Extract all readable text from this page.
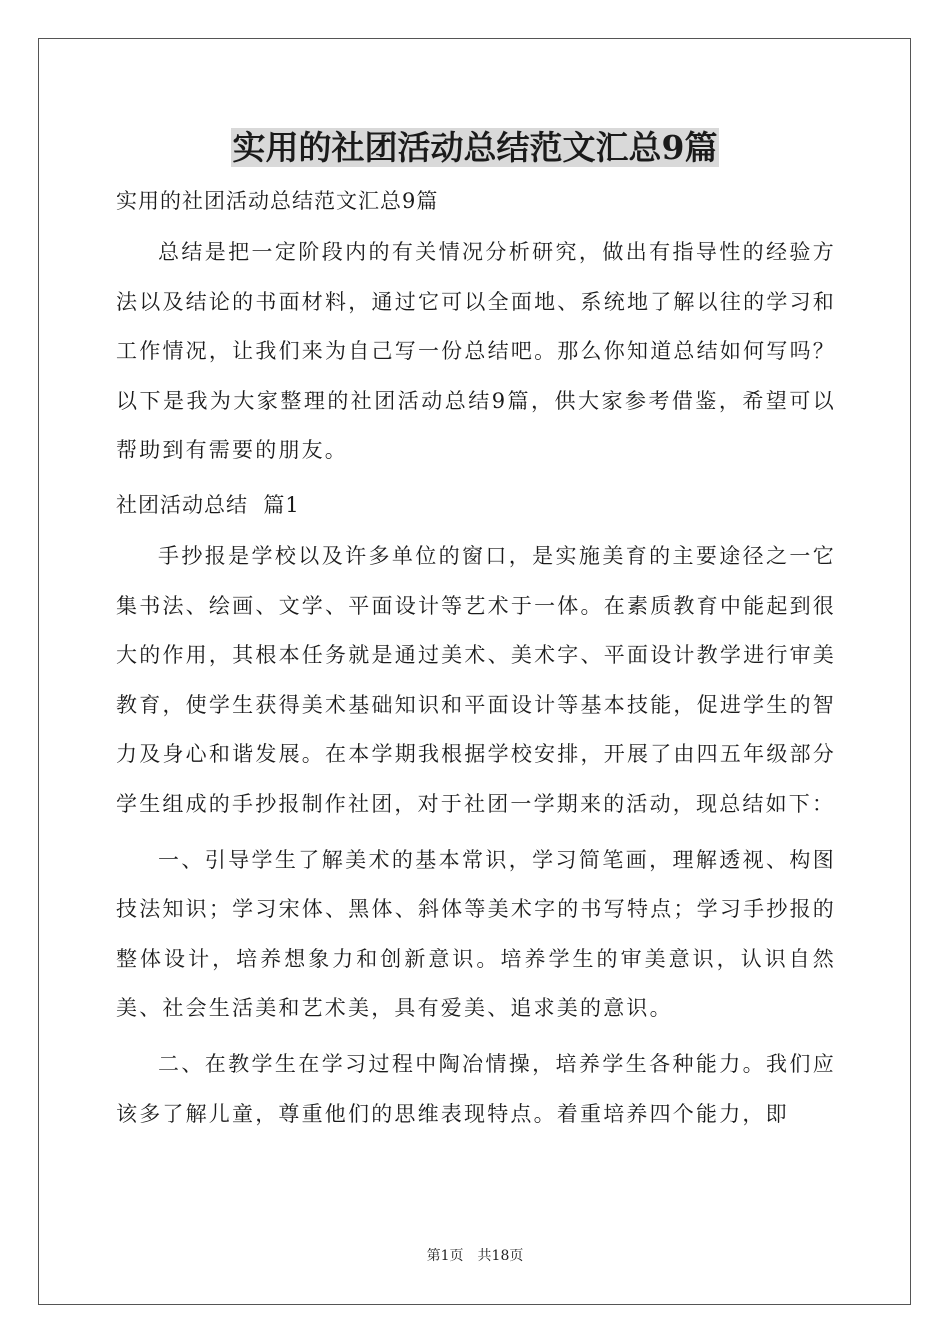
实用的社团活动总结范文汇总9篇
实用的社团活动总结范文汇总9篇

总结是把一定阶段内的有关情况分析研究，做出有指导性的经验方法以及结论的书面材料，通过它可以全面地、系统地了解以往的学习和工作情况，让我们来为自己写一份总结吧。那么你知道总结如何写吗？以下是我为大家整理的社团活动总结9篇，供大家参考借鉴，希望可以帮助到有需要的朋友。

社团活动总结  篇1

手抄报是学校以及许多单位的窗口，是实施美育的主要途径之一它集书法、绘画、文学、平面设计等艺术于一体。在素质教育中能起到很大的作用，其根本任务就是通过美术、美术字、平面设计教学进行审美教育，使学生获得美术基础知识和平面设计等基本技能，促进学生的智力及身心和谐发展。在本学期我根据学校安排，开展了由四五年级部分学生组成的手抄报制作社团，对于社团一学期来的活动，现总结如下：

一、引导学生了解美术的基本常识，学习简笔画，理解透视、构图技法知识；学习宋体、黑体、斜体等美术字的书写特点；学习手抄报的整体设计，培养想象力和创新意识。培养学生的审美意识，认识自然美、社会生活美和艺术美，具有爱美、追求美的意识。

二、在教学生在学习过程中陶冶情操，培养学生各种能力。我们应该多了解儿童，尊重他们的思维表现特点。着重培养四个能力，即

第1页 共18页
